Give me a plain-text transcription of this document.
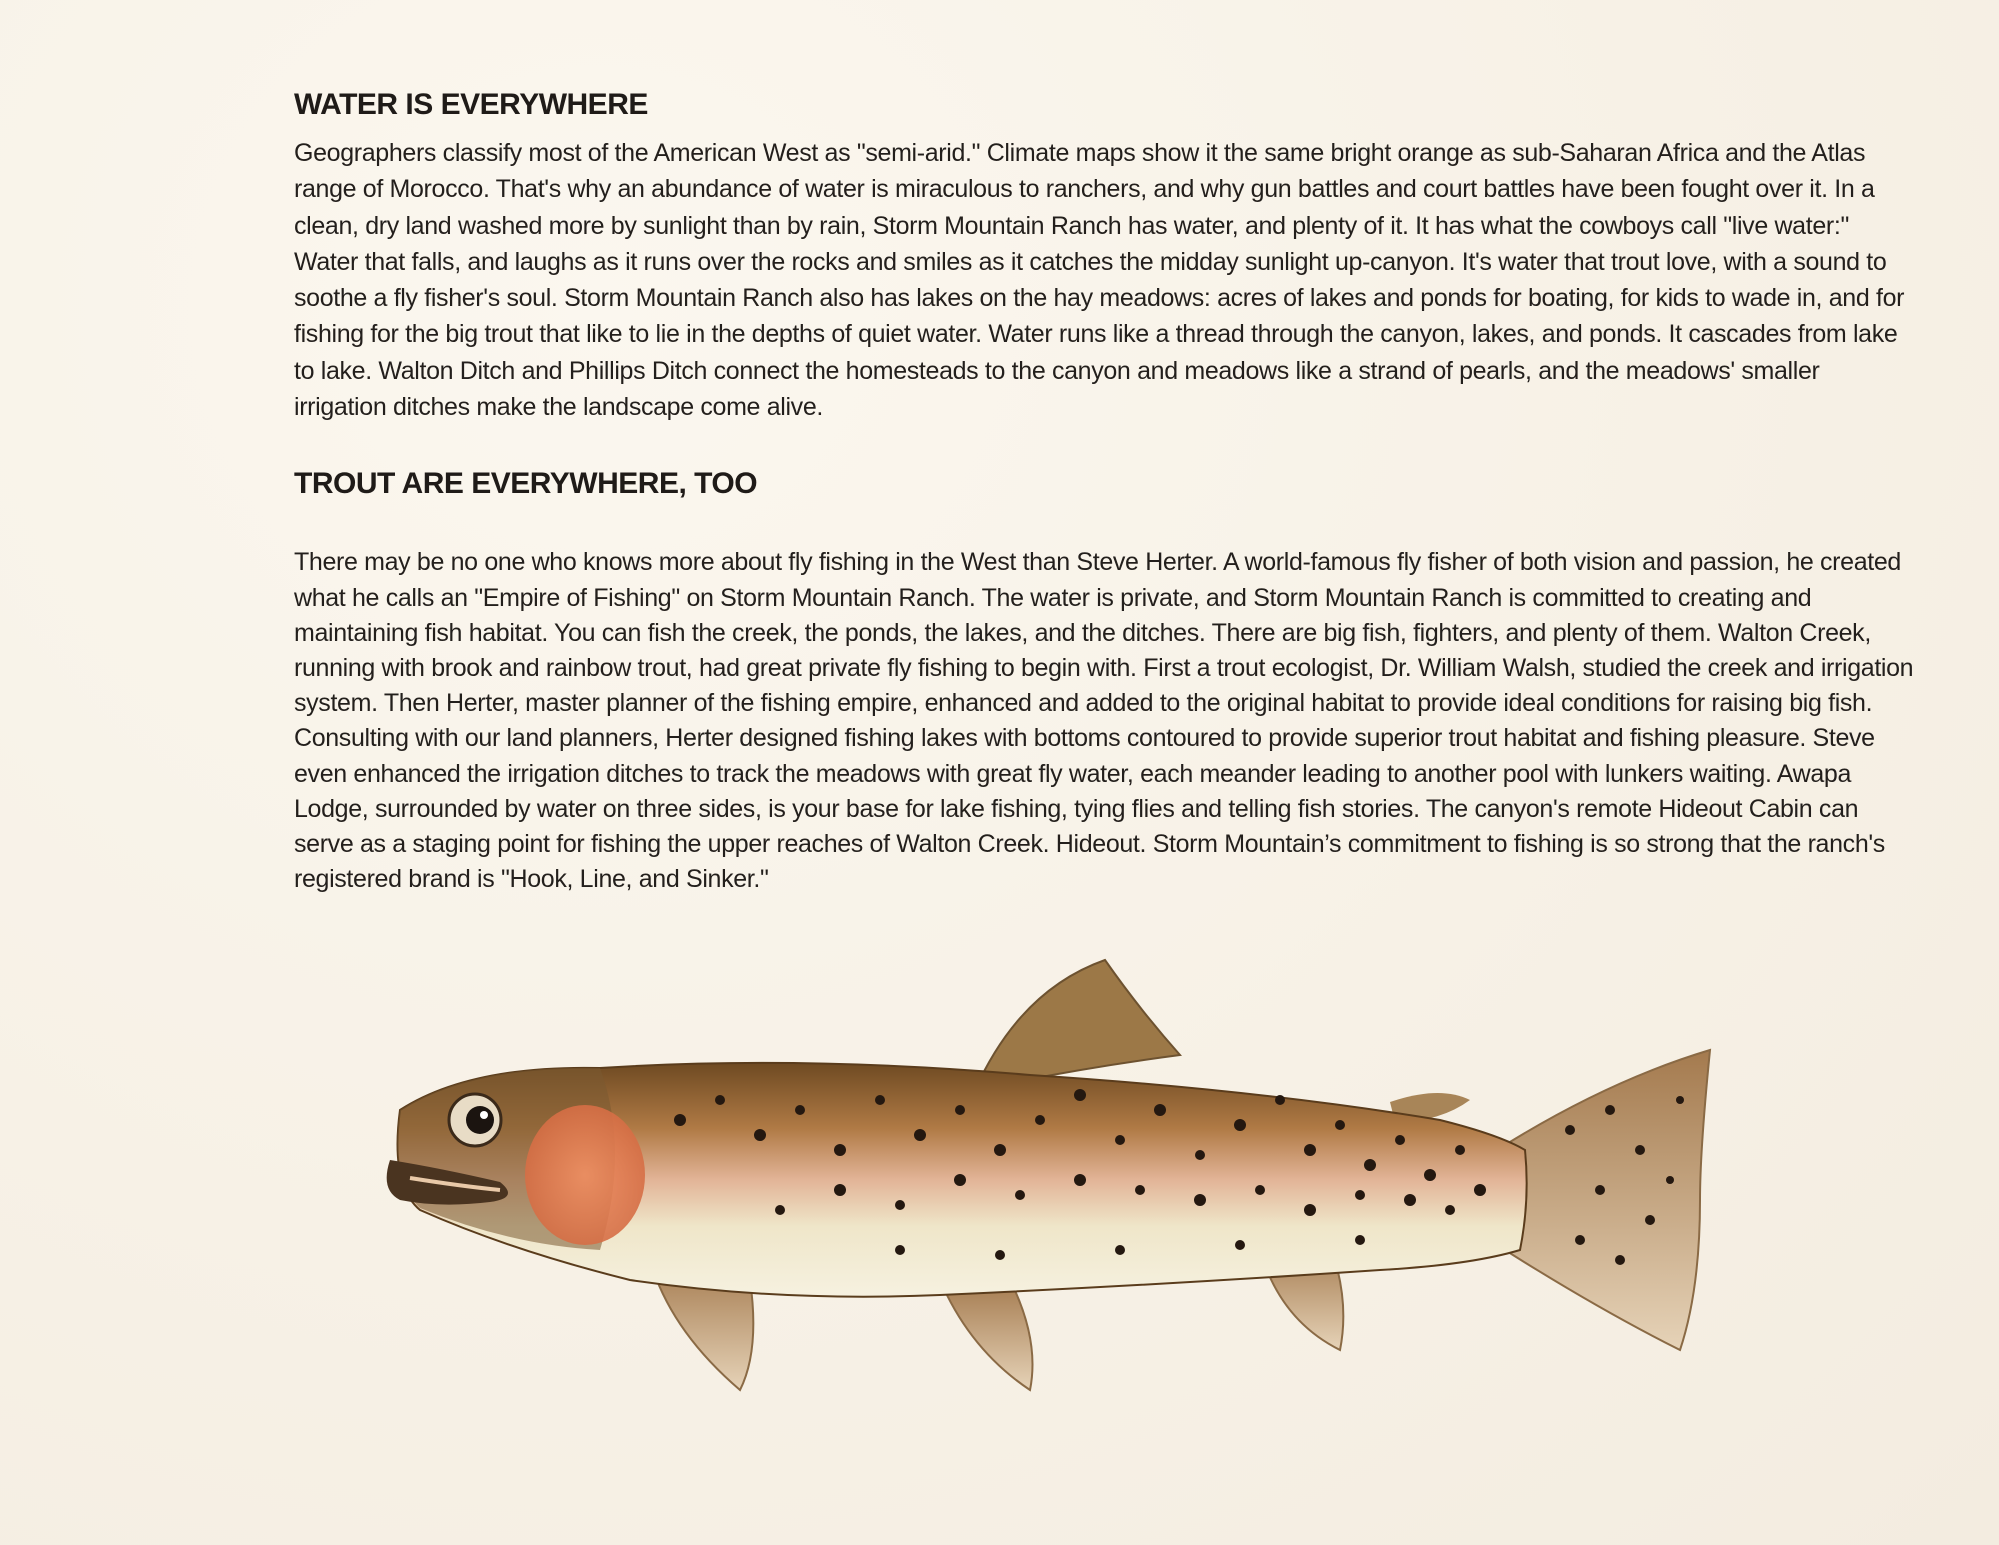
WATER IS EVERYWHERE

Geographers classify most of the American West as "semi-arid." Climate maps show it the same bright orange as sub-Saharan Africa and the Atlas range of Morocco. That's why an abundance of water is miraculous to ranchers, and why gun battles and court battles have been fought over it. In a clean, dry land washed more by sunlight than by rain, Storm Mountain Ranch has water, and plenty of it. It has what the cowboys call "live water:" Water that falls, and laughs as it runs over the rocks and smiles as it catches the midday sunlight up-canyon. It's water that trout love, with a sound to soothe a fly fisher's soul. Storm Mountain Ranch also has lakes on the hay meadows: acres of lakes and ponds for boating, for kids to wade in, and for fishing for the big trout that like to lie in the depths of quiet water. Water runs like a thread through the canyon, lakes, and ponds. It cascades from lake to lake. Walton Ditch and Phillips Ditch connect the homesteads to the canyon and meadows like a strand of pearls, and the meadows' smaller irrigation ditches make the landscape come alive.

TROUT ARE EVERYWHERE, TOO

There may be no one who knows more about fly fishing in the West than Steve Herter. A world-famous fly fisher of both vision and passion, he created what he calls an "Empire of Fishing" on Storm Mountain Ranch. The water is private, and Storm Mountain Ranch is committed to creating and maintaining fish habitat. You can fish the creek, the ponds, the lakes, and the ditches. There are big fish, fighters, and plenty of them. Walton Creek, running with brook and rainbow trout, had great private fly fishing to begin with. First a trout ecologist, Dr. William Walsh, studied the creek and irrigation system. Then Herter, master planner of the fishing empire, enhanced and added to the original habitat to provide ideal conditions for raising big fish. Consulting with our land planners, Herter designed fishing lakes with bottoms contoured to provide superior trout habitat and fishing pleasure. Steve even enhanced the irrigation ditches to track the meadows with great fly water, each meander leading to another pool with lunkers waiting. Awapa Lodge, surrounded by water on three sides, is your base for lake fishing, tying flies and telling fish stories. The canyon's remote Hideout Cabin can serve as a staging point for fishing the upper reaches of Walton Creek. Hideout. Storm Mountain’s commitment to fishing is so strong that the ranch's registered brand is "Hook, Line, and Sinker."
